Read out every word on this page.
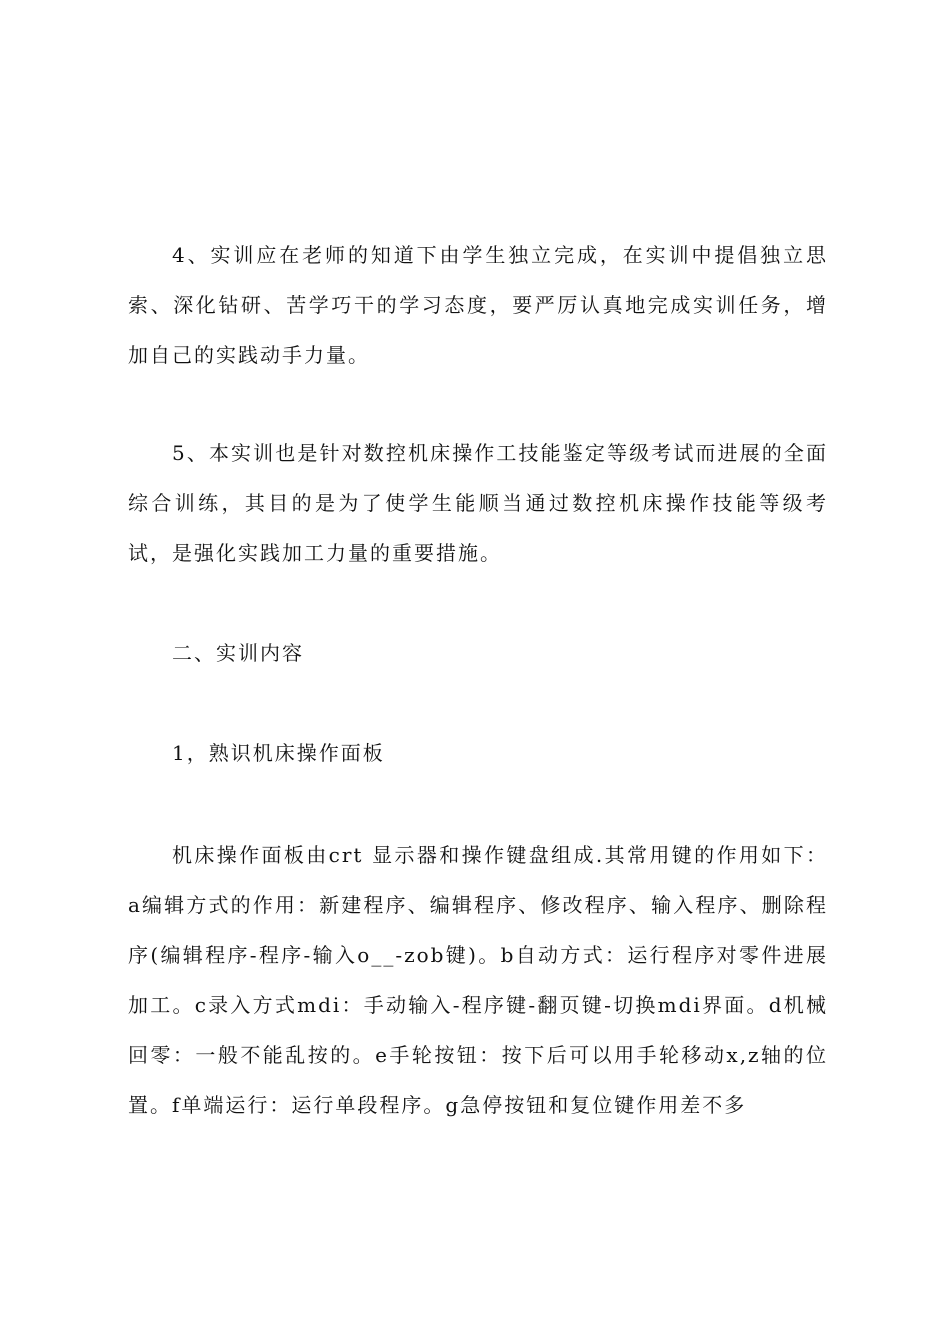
4、实训应在老师的知道下由学生独立完成，在实训中提倡独立思索、深化钻研、苦学巧干的学习态度，要严厉认真地完成实训任务，增加自己的实践动手力量。

5、本实训也是针对数控机床操作工技能鉴定等级考试而进展的全面综合训练，其目的是为了使学生能顺当通过数控机床操作技能等级考试，是强化实践加工力量的重要措施。

二、实训内容

1，熟识机床操作面板

机床操作面板由crt 显示器和操作键盘组成.其常用键的作用如下：a编辑方式的作用：新建程序、编辑程序、修改程序、输入程序、删除程序(编辑程序-程序-输入o__-zob键)。b自动方式：运行程序对零件进展加工。c录入方式mdi：手动输入-程序键-翻页键-切换mdi界面。d机械回零：一般不能乱按的。e手轮按钮：按下后可以用手轮移动x,z轴的位置。f单端运行：运行单段程序。g急停按钮和复位键作用差不多
